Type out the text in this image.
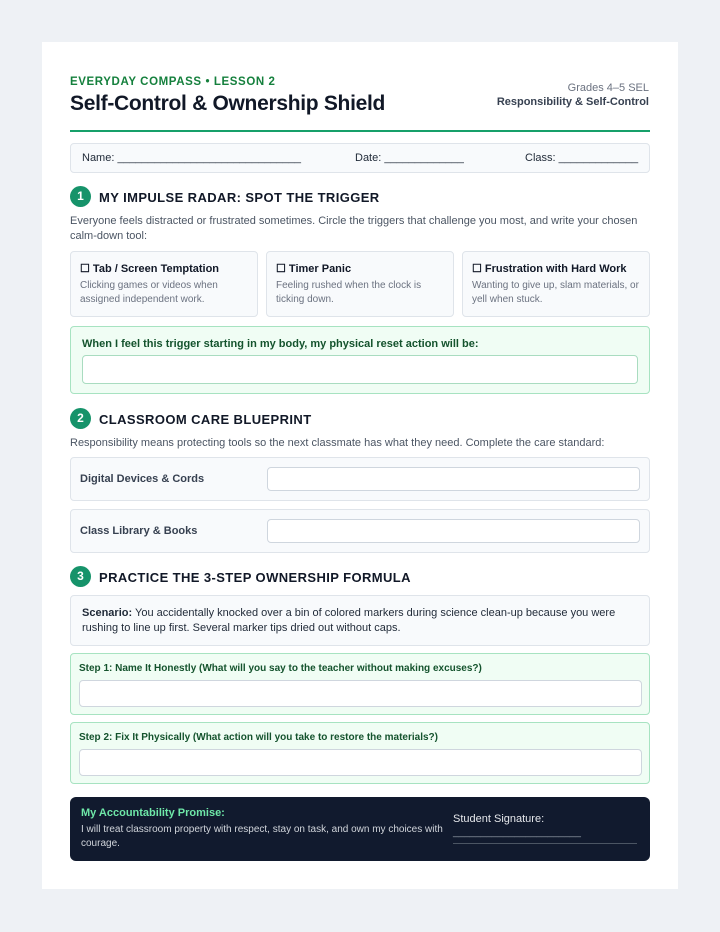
EVERYDAY COMPASS • LESSON 2
Self-Control & Ownership Shield
Grades 4–5 SEL
Responsibility & Self-Control
Name: ______________________________	Date: _____________	Class: _____________
1	MY IMPULSE RADAR: SPOT THE TRIGGER
Everyone feels distracted or frustrated sometimes. Circle the triggers that challenge you most, and write your chosen calm-down tool:
☐ Tab / Screen Temptation
Clicking games or videos when assigned independent work.
☐ Timer Panic
Feeling rushed when the clock is ticking down.
☐ Frustration with Hard Work
Wanting to give up, slam materials, or yell when stuck.
When I feel this trigger starting in my body, my physical reset action will be:
2	CLASSROOM CARE BLUEPRINT
Responsibility means protecting tools so the next classmate has what they need. Complete the care standard:
Digital Devices & Cords
Class Library & Books
3	PRACTICE THE 3-STEP OWNERSHIP FORMULA
Scenario: You accidentally knocked over a bin of colored markers during science clean-up because you were rushing to line up first. Several marker tips dried out without caps.
Step 1: Name It Honestly (What will you say to the teacher without making excuses?)
Step 2: Fix It Physically (What action will you take to restore the materials?)
My Accountability Promise:
I will treat classroom property with respect, stay on task, and own my choices with courage.
Student Signature:
_______________________
